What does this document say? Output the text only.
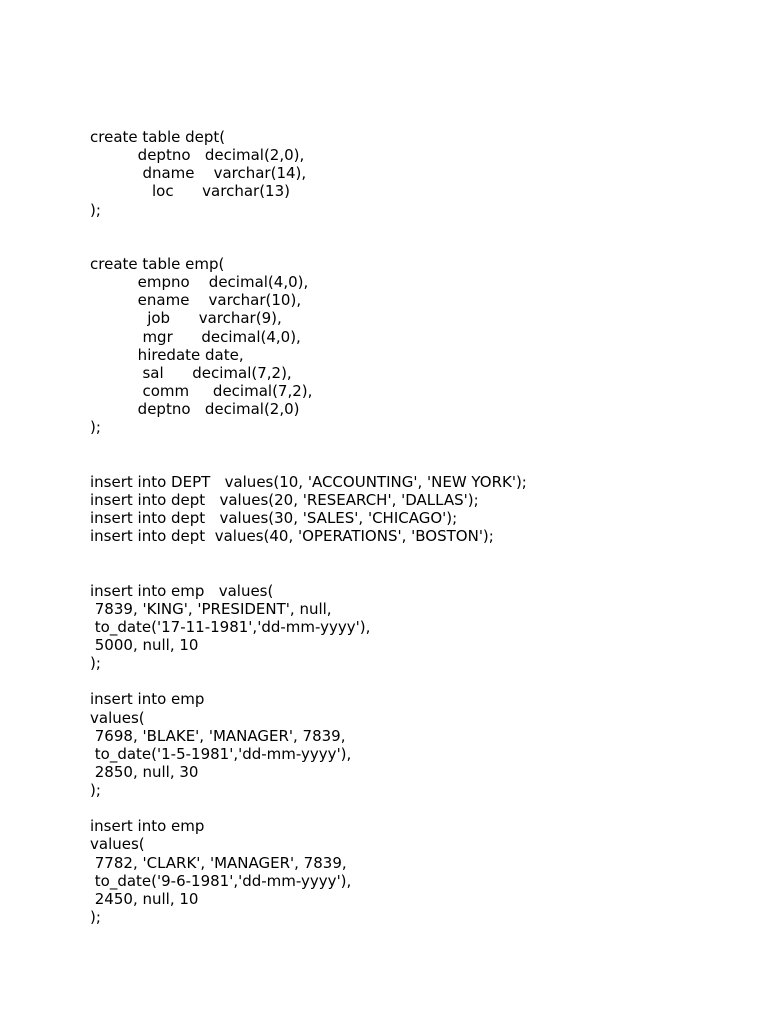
create table dept(
deptno   decimal(2,0),
dname    varchar(14),
loc      varchar(13)
);
create table emp(
empno    decimal(4,0),
ename    varchar(10),
job      varchar(9),
mgr      decimal(4,0),
hiredate date,
sal      decimal(7,2),
comm     decimal(7,2),
deptno   decimal(2,0)
);
insert into DEPT   values(10, 'ACCOUNTING', 'NEW YORK');
insert into dept   values(20, 'RESEARCH', 'DALLAS');
insert into dept   values(30, 'SALES', 'CHICAGO');
insert into dept  values(40, 'OPERATIONS', 'BOSTON');
insert into emp   values(
7839, 'KING', 'PRESIDENT', null,
to_date('17-11-1981','dd-mm-yyyy'),
5000, null, 10
);
insert into emp
values(
7698, 'BLAKE', 'MANAGER', 7839,
to_date('1-5-1981','dd-mm-yyyy'),
2850, null, 30
);
insert into emp
values(
7782, 'CLARK', 'MANAGER', 7839,
to_date('9-6-1981','dd-mm-yyyy'),
2450, null, 10
);
